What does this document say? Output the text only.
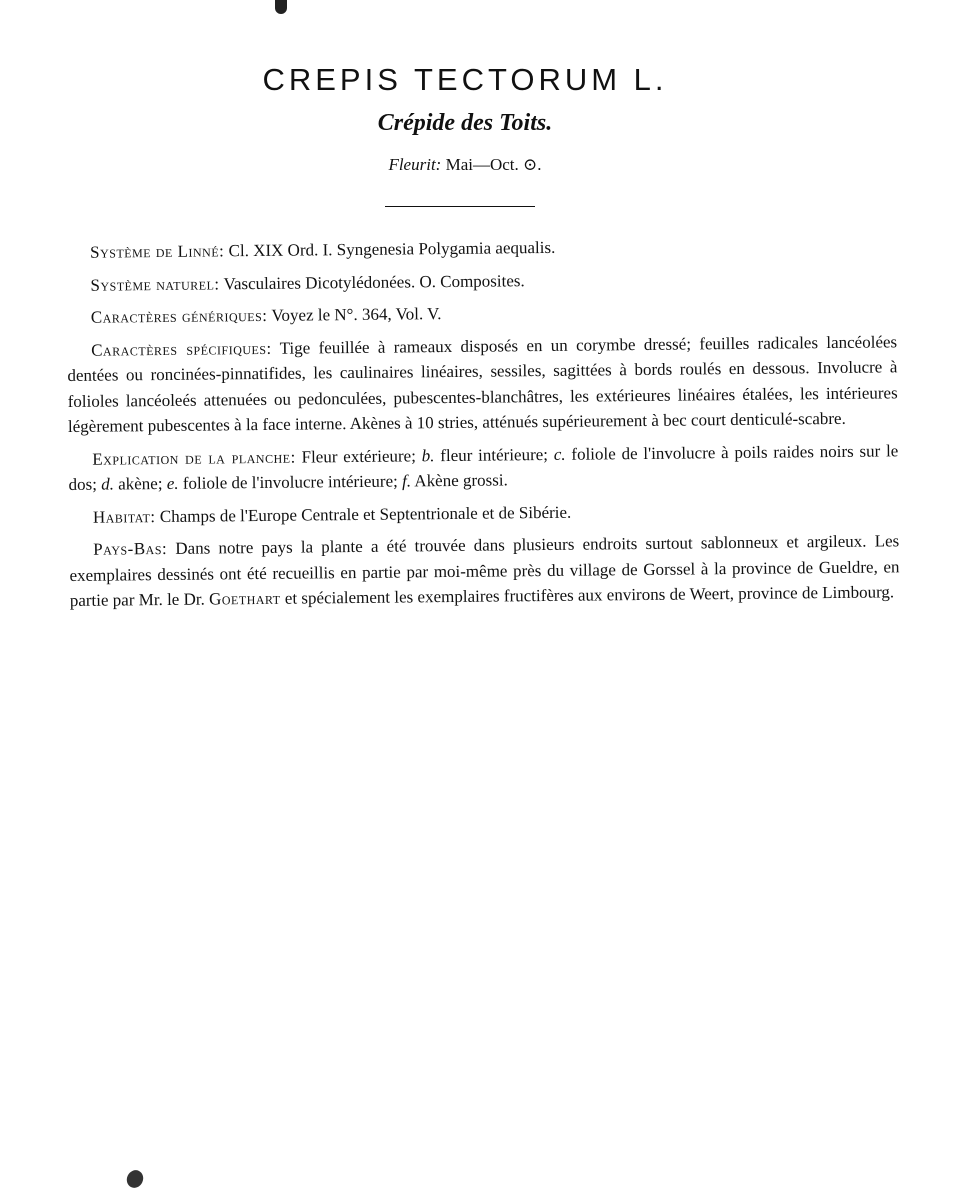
CREPIS TECTORUM L.
Crépide des Toits.
Fleurit: Mai—Oct. ⊙.

Système de Linné: Cl. XIX Ord. I. Syngenesia Polygamia aequalis.

Système naturel: Vasculaires Dicotylédonées. O. Composites.

Caractères génériques: Voyez le N°. 364, Vol. V.

Caractères spécifiques: Tige feuillée à rameaux disposés en un corymbe dressé; feuilles radicales lancéolées dentées ou roncinées-pinnatifides, les caulinaires linéaires, sessiles, sagittées à bords roulés en dessous. Involucre à folioles lancéoleés attenuées ou pedonculées, pubescentes-blanchâtres, les extérieures linéaires étalées, les intérieures légèrement pubescentes à la face interne. Akènes à 10 stries, atténués supérieurement à bec court denticulé-scabre.

Explication de la planche: Fleur extérieure; b. fleur intérieure; c. foliole de l'involucre à poils raides noirs sur le dos; d. akène; e. foliole de l'involucre intérieure; f. Akène grossi.

Habitat: Champs de l'Europe Centrale et Septentrionale et de Sibérie.

Pays-Bas: Dans notre pays la plante a été trouvée dans plusieurs endroits surtout sablonneux et argileux. Les exemplaires dessinés ont été recueillis en partie par moi-même près du village de Gorssel à la province de Gueldre, en partie par Mr. le Dr. Goethart et spécialement les exemplaires fructifères aux environs de Weert, province de Limbourg.
